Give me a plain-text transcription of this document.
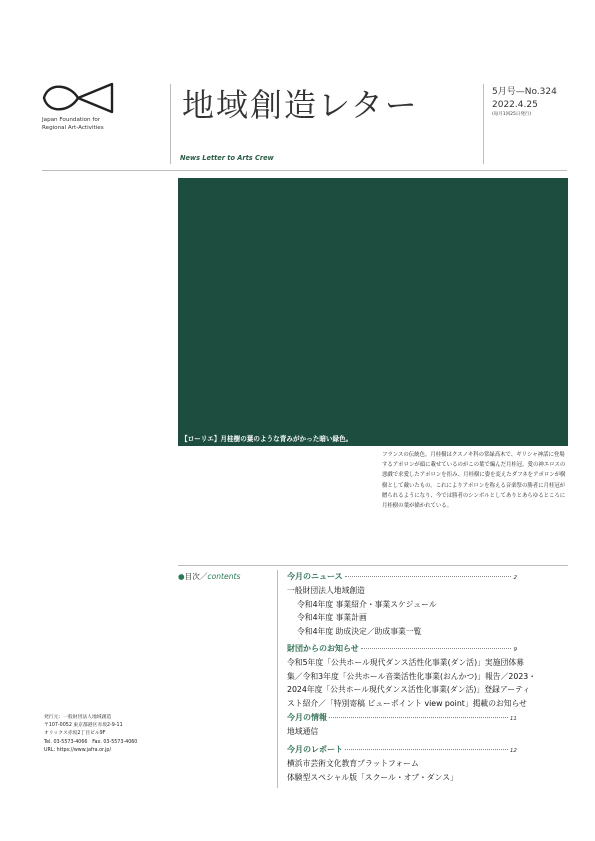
Japan Foundation for
Regional Art-Activities
地域創造レター	5月号—No.324
2022.4.25
(毎月1回25日発行)
News Letter to Arts Crew
【ローリエ】月桂樹の葉のような青みがかった暗い緑色。
フランスの伝統色。月桂樹はクスノキ科の常緑高木で、ギリシャ神話に登場するアポロンが頭に載せているのがこの葉で編んだ月桂冠。愛の神エロスの悪戯で求愛したアポロンを拒み、月桂樹に姿を変えたダフネをアポロンが樹樹として戴いたもの。これによりアポロンを称える音楽祭の勝者に月桂冠が贈られるようになり、今では勝者のシンボルとしてありとあらゆるところに月桂樹の葉が描かれている。
●目次／contents	今月のニュース	2
一般財団法人地域創造
令和4年度 事業紹介・事業スケジュール
令和4年度 事業計画
令和4年度 助成決定／助成事業一覧
財団からのお知らせ	9
令和5年度「公共ホール現代ダンス活性化事業(ダン活)」実施団体募
集／令和3年度「公共ホール音楽活性化事業(おんかつ)」報告／2023・
2024年度「公共ホール現代ダンス活性化事業(ダン活)」登録アーティ
スト紹介／「特別寄稿 ビューポイント view point」掲載のお知らせ
今月の情報	11
地域通信
今月のレポート	12
横浜市芸術文化教育プラットフォーム
体験型スペシャル版「スクール・オブ・ダンス」
発行元：一般財団法人地域創造
〒107-0052 東京都港区赤坂2-9-11
オリックス赤坂2丁目ビル9F
Tel. 03-5573-4066　Fax. 03-5573-4060
URL: https://www.jafra.or.jp/
